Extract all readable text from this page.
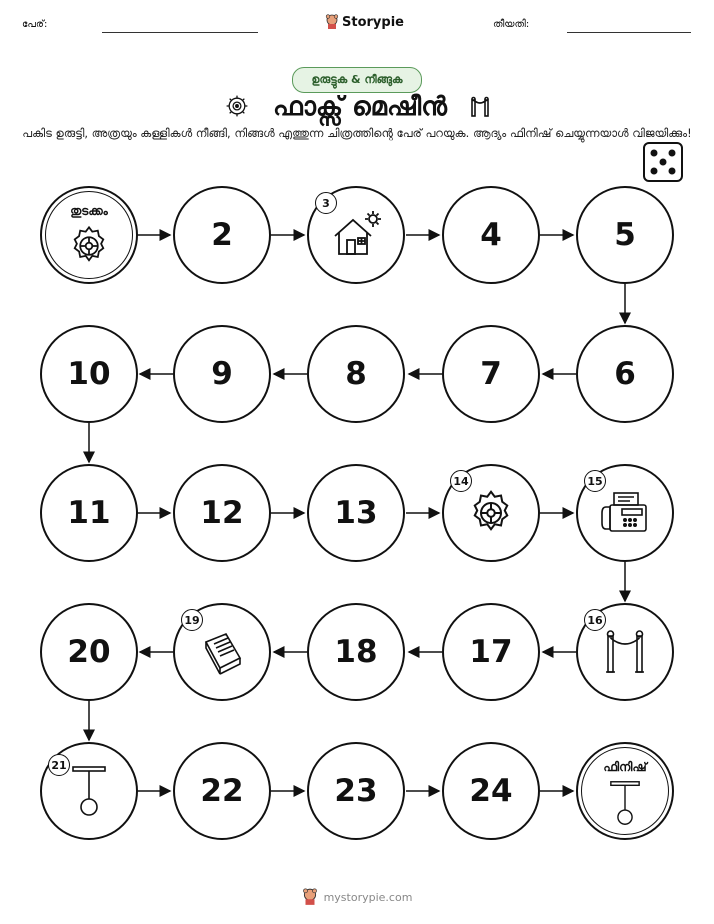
പേര്:	Storypie	തീയതി:
ഉരുട്ടുക & നീങ്ങുക
ഫാക്സ് മെഷീൻ
പകിട ഉരുട്ടി, അത്രയും കള്ളികൾ നീങ്ങി, നിങ്ങൾ എത്തുന്ന ചിത്രത്തിന്റെ പേര് പറയുക. ആദ്യം ഫിനിഷ് ചെയ്യുന്നയാൾ വിജയിക്കും!
തുടക്കം
2
3
4	5
10	9	8	7	6
11	12	13
14	15
20
19
18	17
16
21
22	23	24
ഫിനിഷ്
mystorypie.com
